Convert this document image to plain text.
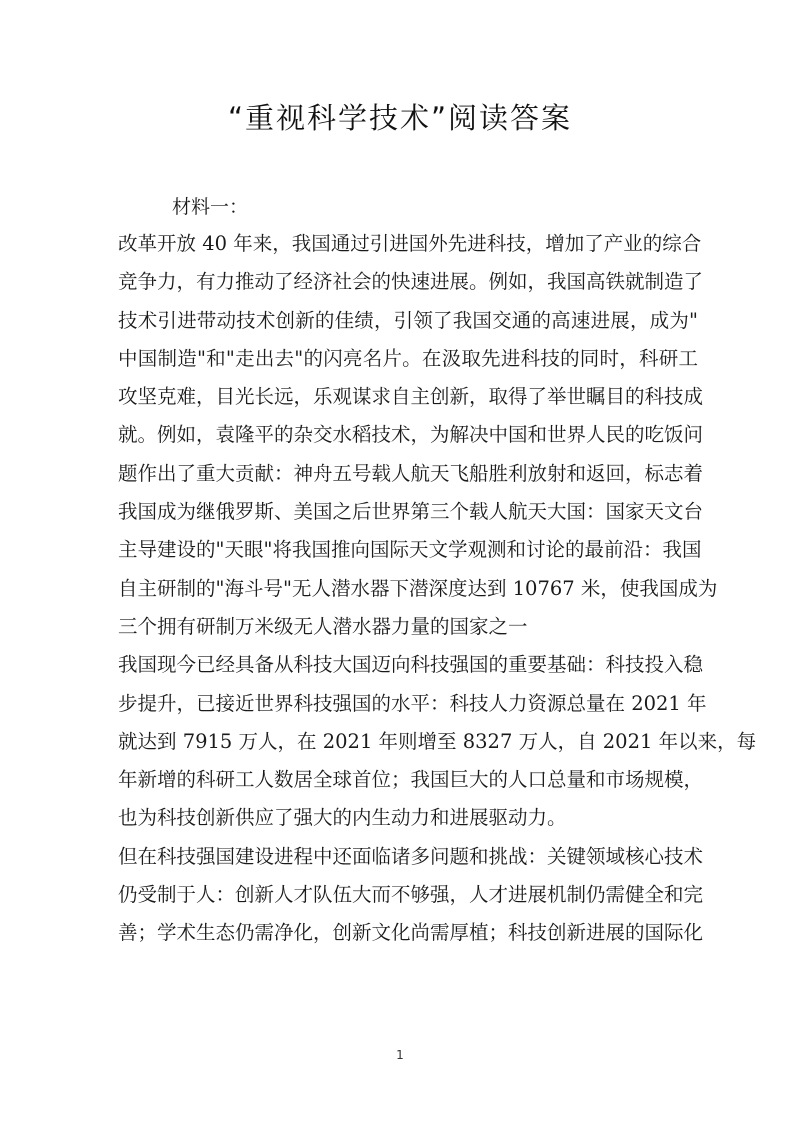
“重视科学技术”阅读答案
材料一：
改革开放 40 年来，我国通过引进国外先进科技，增加了产业的综合
竞争力，有力推动了经济社会的快速进展。例如，我国高铁就制造了
技术引进带动技术创新的佳绩，引领了我国交通的高速进展，成为"
中国制造"和"走出去"的闪亮名片。在汲取先进科技的同时，科研工
攻坚克难，目光长远，乐观谋求自主创新，取得了举世瞩目的科技成
就。例如，袁隆平的杂交水稻技术，为解决中国和世界人民的吃饭问
题作出了重大贡献：神舟五号载人航天飞船胜利放射和返回，标志着
我国成为继俄罗斯、美国之后世界第三个载人航天大国：国家天文台
主导建设的"天眼"将我国推向国际天文学观测和讨论的最前沿：我国
自主研制的"海斗号"无人潜水器下潜深度达到 10767 米，使我国成为
三个拥有研制万米级无人潜水器力量的国家之一
我国现今已经具备从科技大国迈向科技强国的重要基础：科技投入稳
步提升，已接近世界科技强国的水平：科技人力资源总量在 2021 年
就达到 7915 万人，在 2021 年则增至 8327 万人，自 2021 年以来，每
年新增的科研工人数居全球首位；我国巨大的人口总量和市场规模，
也为科技创新供应了强大的内生动力和进展驱动力。
但在科技强国建设进程中还面临诸多问题和挑战：关键领域核心技术
仍受制于人：创新人才队伍大而不够强，人才进展机制仍需健全和完
善；学术生态仍需净化，创新文化尚需厚植；科技创新进展的国际化
1
